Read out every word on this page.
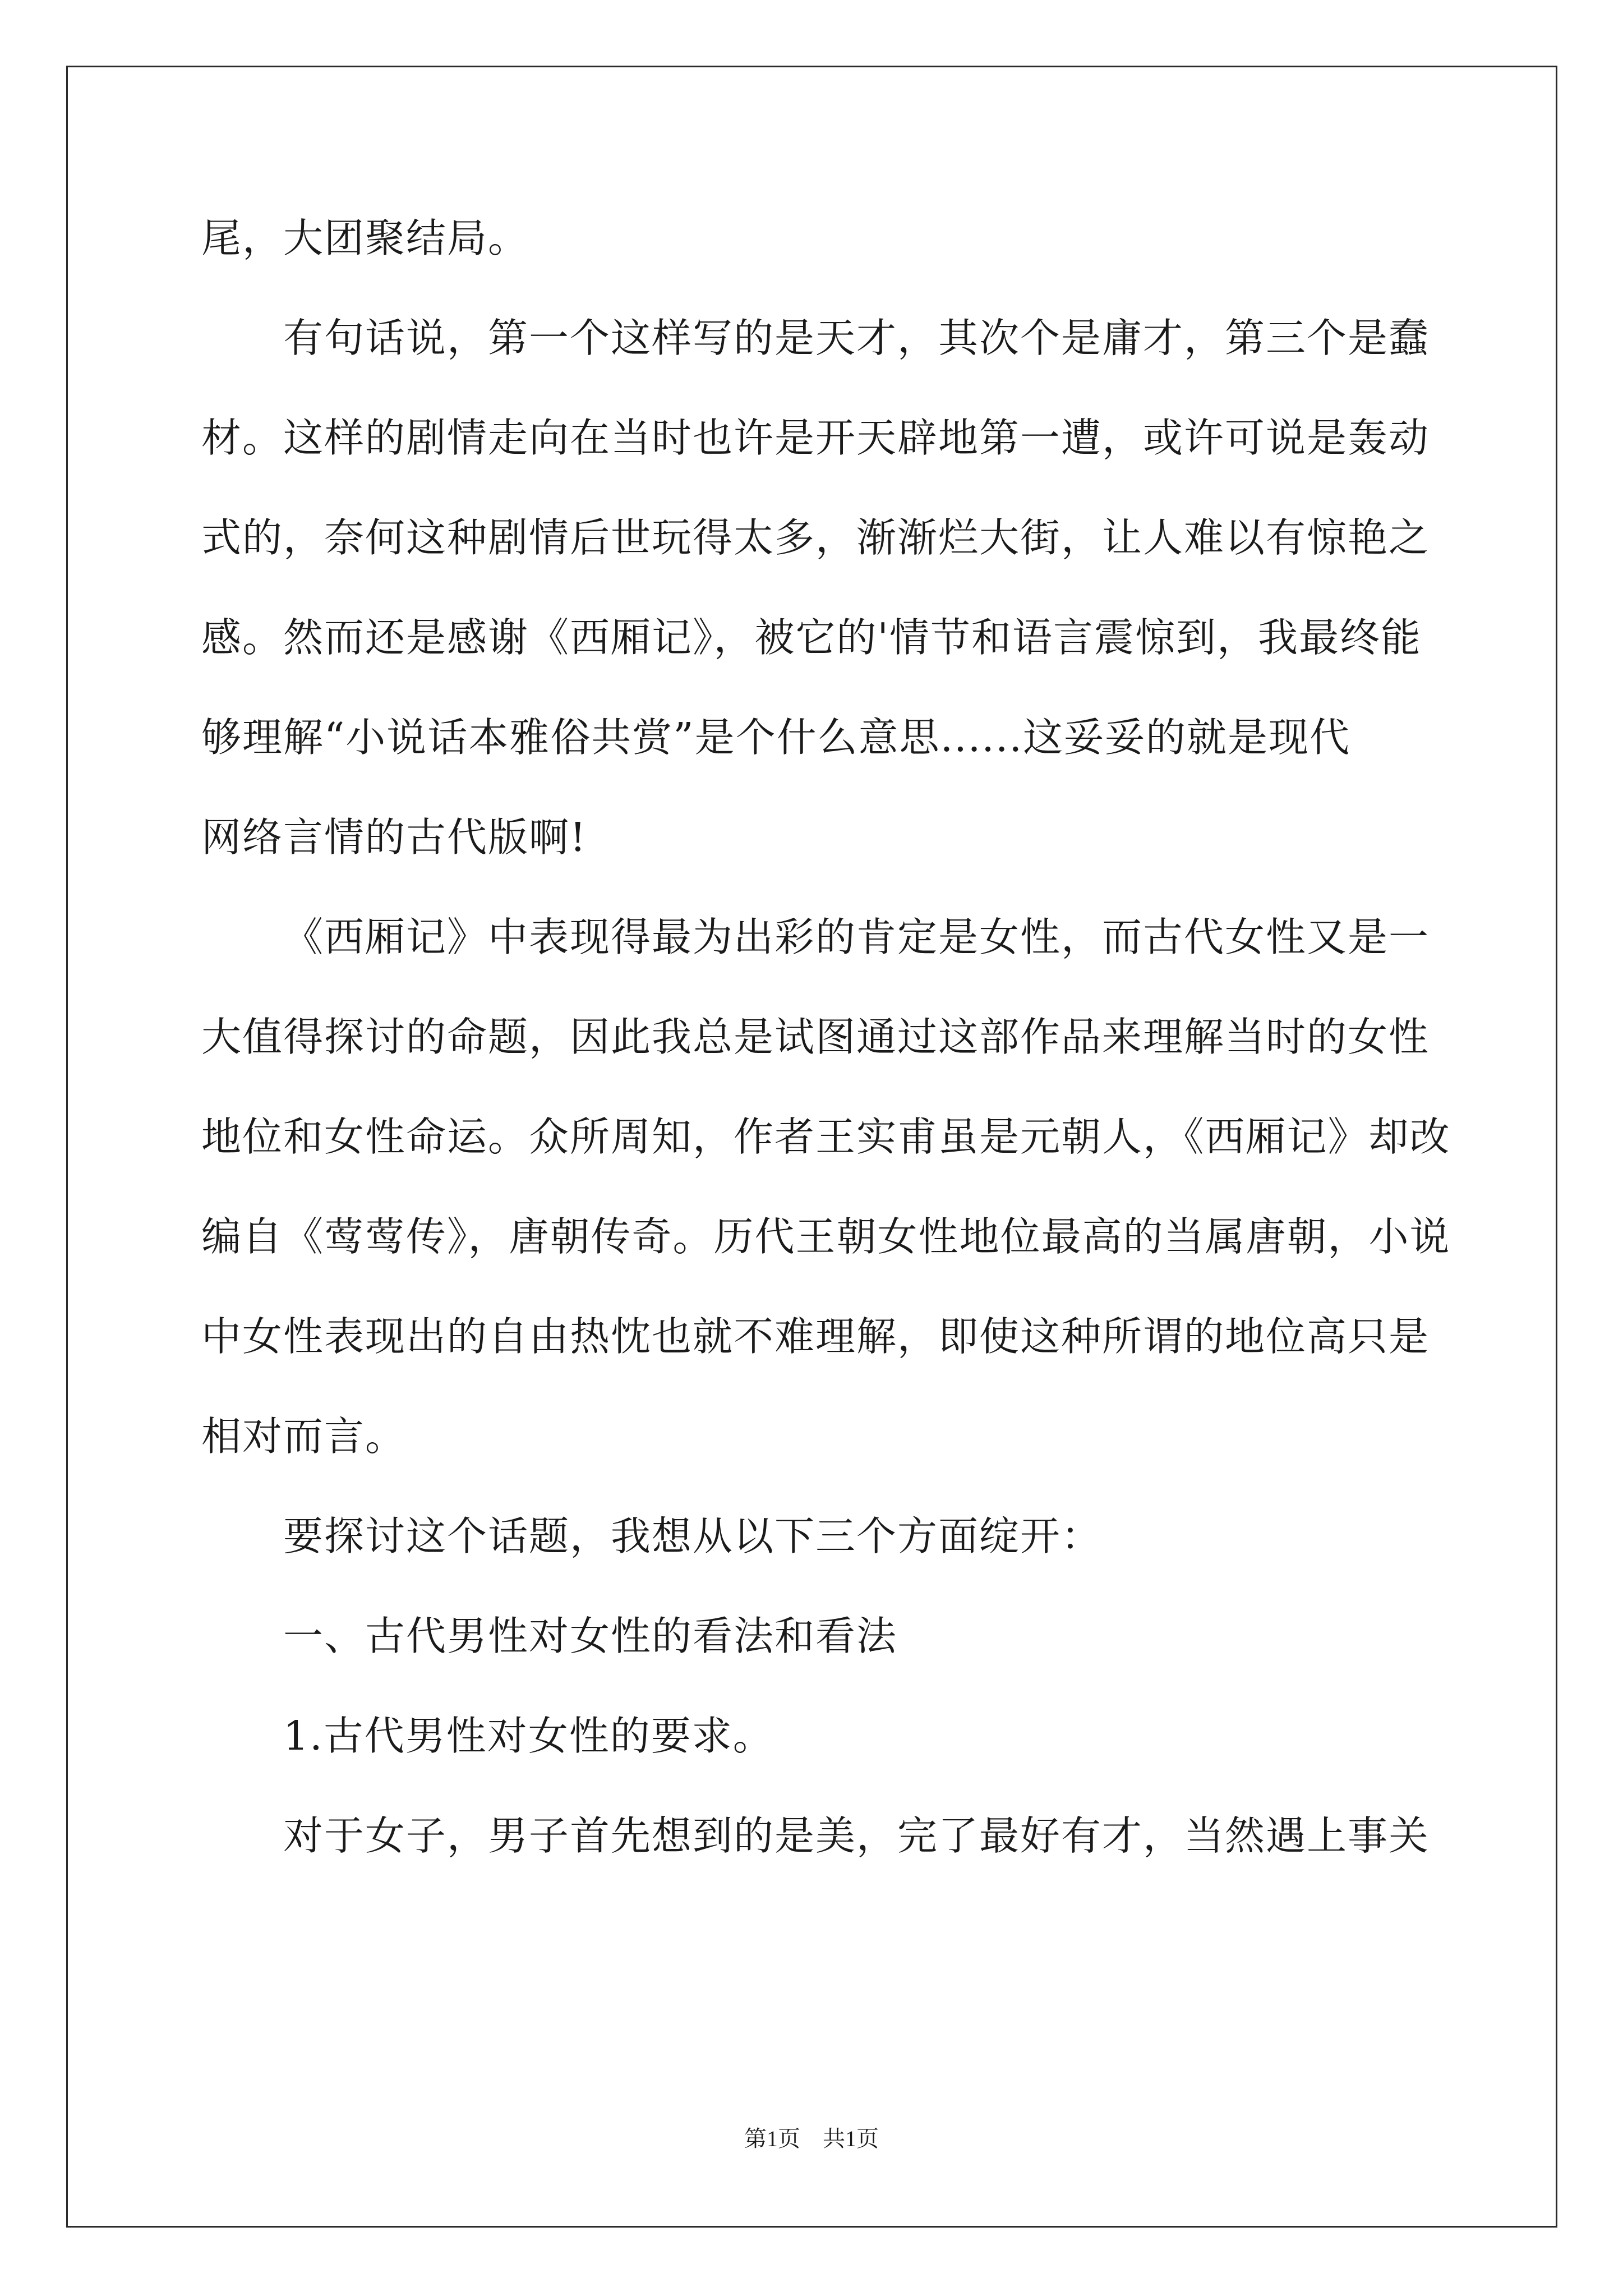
尾，大团聚结局。
有句话说，第一个这样写的是天才，其次个是庸才，第三个是蠢
材。这样的剧情走向在当时也许是开天辟地第一遭，或许可说是轰动
式的，奈何这种剧情后世玩得太多，渐渐烂大街，让人难以有惊艳之
感。然而还是感谢《西厢记》，被它的'情节和语言震惊到，我最终能
够理解“小说话本雅俗共赏”是个什么意思......这妥妥的就是现代
网络言情的古代版啊!
《西厢记》中表现得最为出彩的肯定是女性，而古代女性又是一
大值得探讨的命题，因此我总是试图通过这部作品来理解当时的女性
地位和女性命运。众所周知，作者王实甫虽是元朝人，《西厢记》却改
编自《莺莺传》，唐朝传奇。历代王朝女性地位最高的当属唐朝，小说
中女性表现出的自由热忱也就不难理解，即使这种所谓的地位高只是
相对而言。
要探讨这个话题，我想从以下三个方面绽开：
一、古代男性对女性的看法和看法
1.古代男性对女性的要求。
对于女子，男子首先想到的是美，完了最好有才，当然遇上事关
第1页　共1页
